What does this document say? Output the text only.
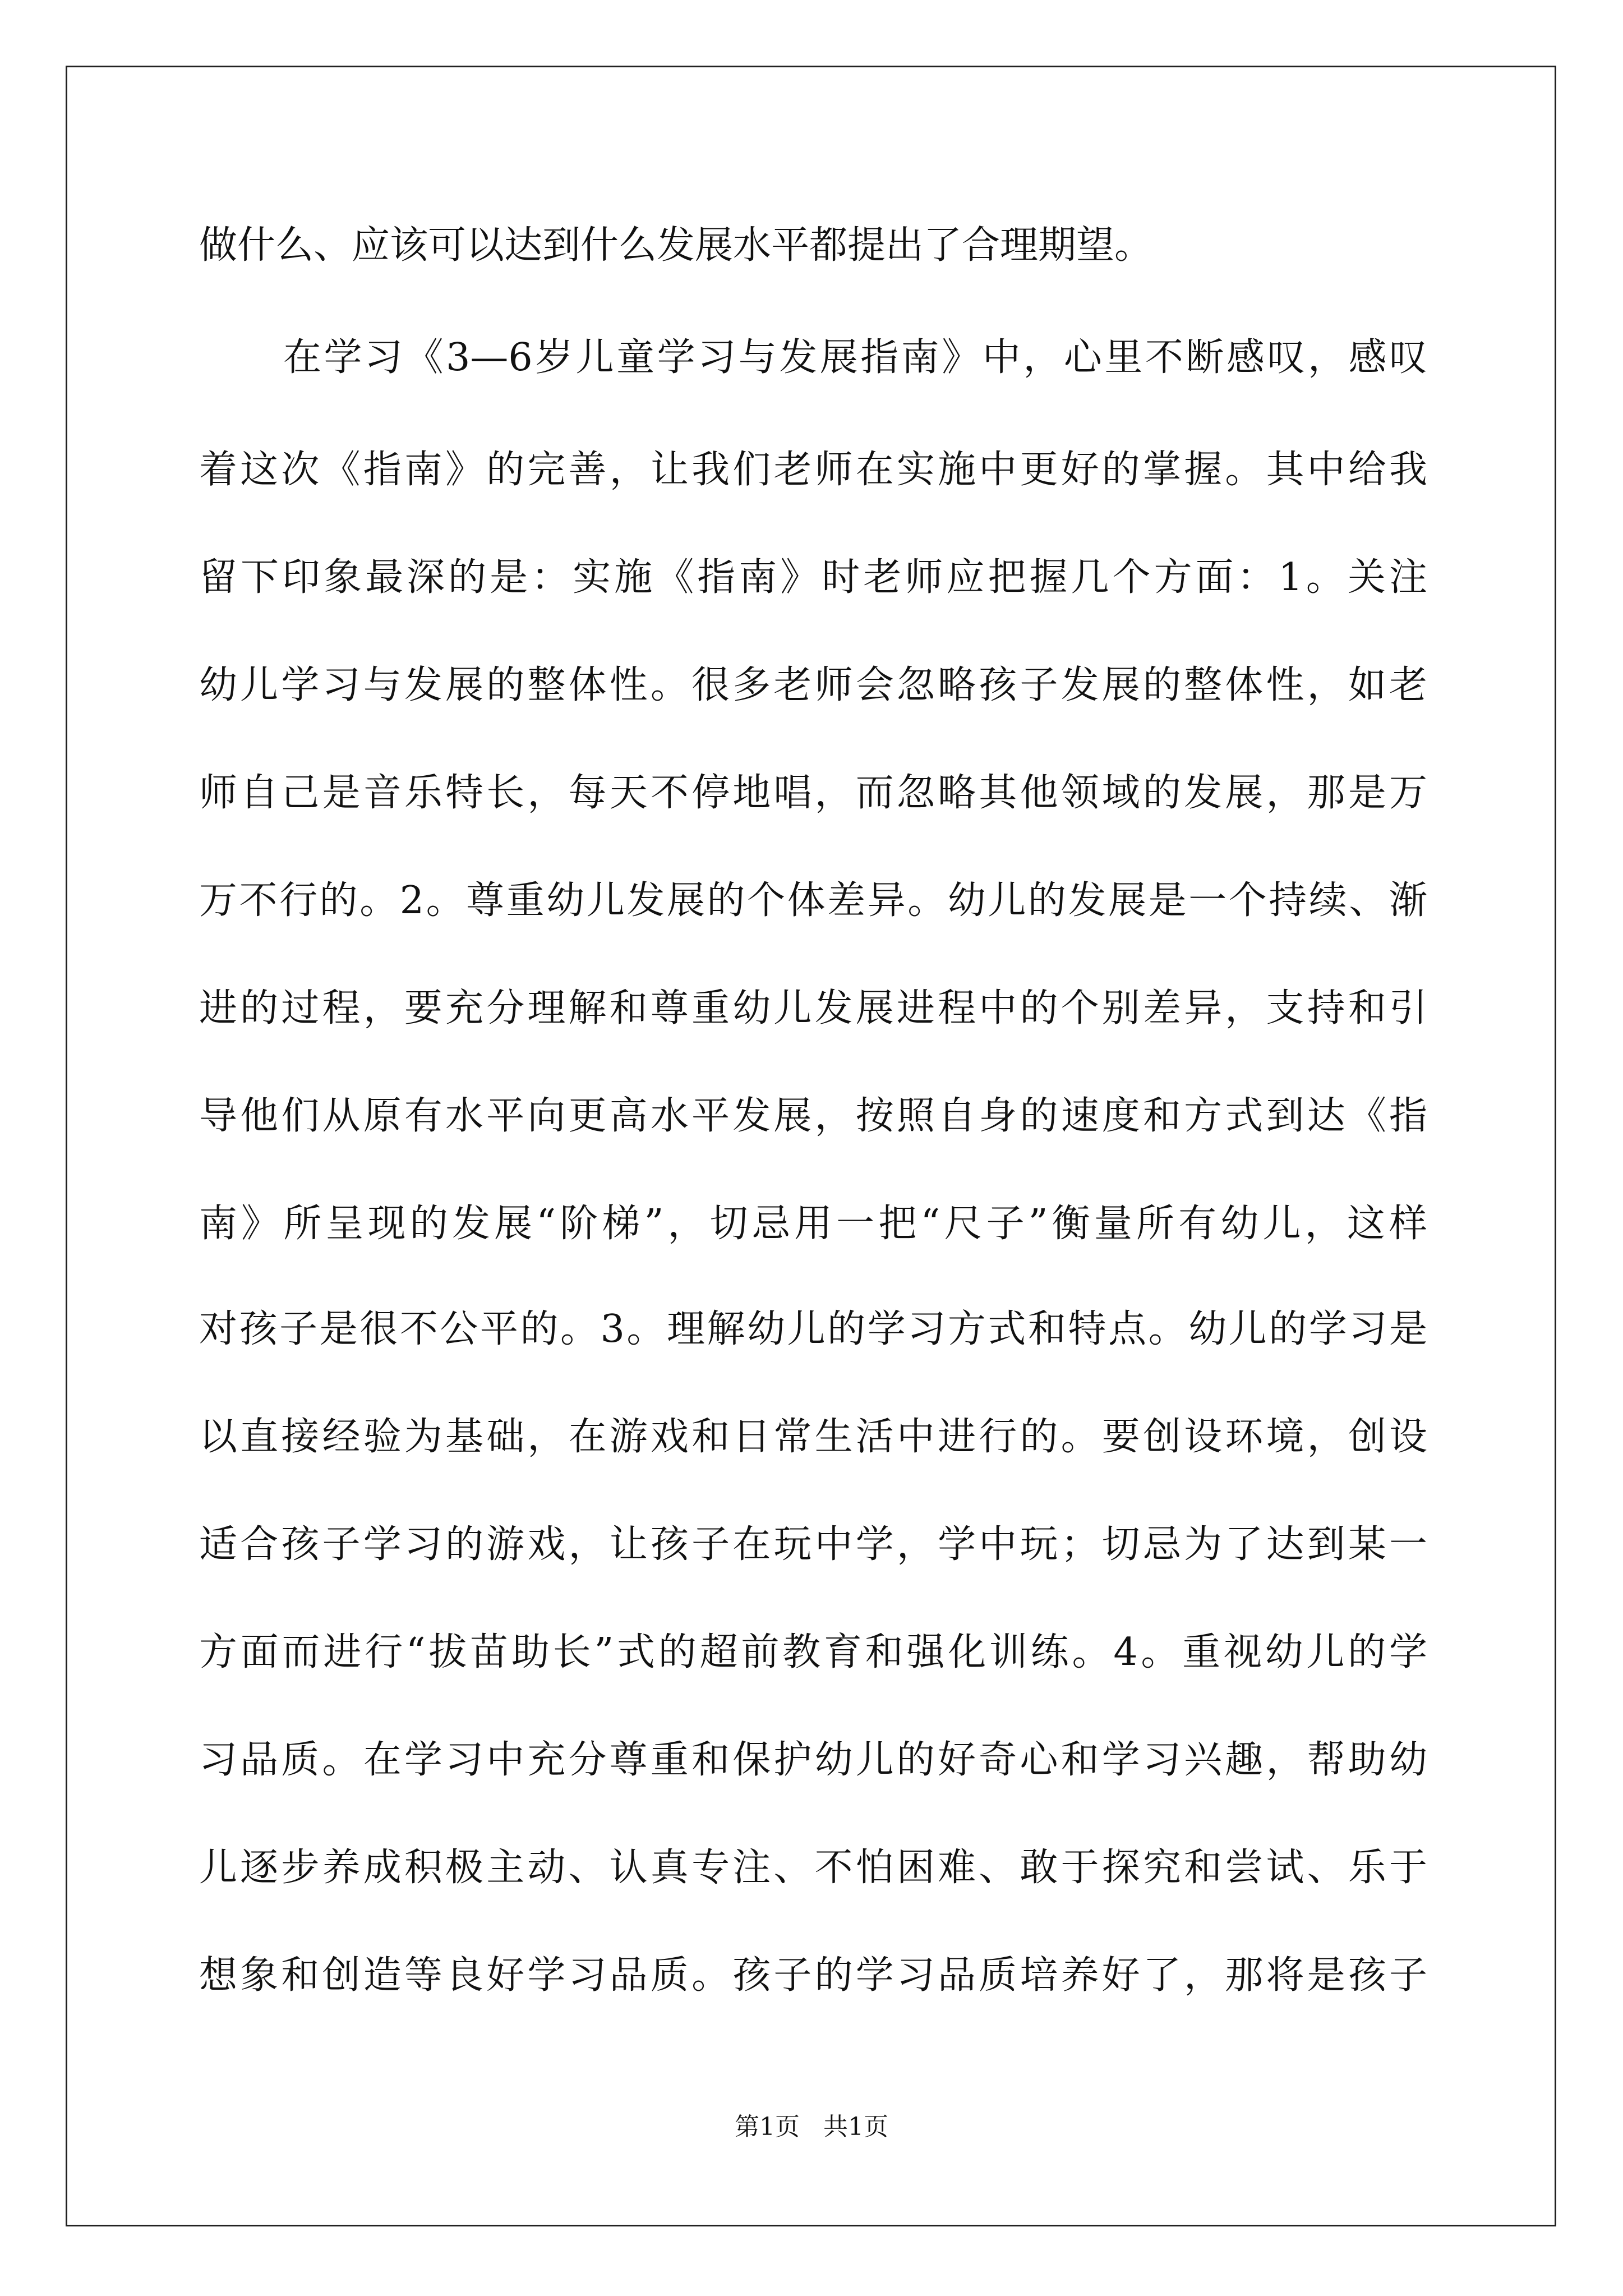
做什么、应该可以达到什么发展水平都提出了合理期望。
在学习《3—6岁儿童学习与发展指南》中，心里不断感叹，感叹
着这次《指南》的完善，让我们老师在实施中更好的掌握。其中给我
留下印象最深的是：实施《指南》时老师应把握几个方面：1。关注
幼儿学习与发展的整体性。很多老师会忽略孩子发展的整体性，如老
师自己是音乐特长，每天不停地唱，而忽略其他领域的发展，那是万
万不行的。2。尊重幼儿发展的个体差异。幼儿的发展是一个持续、渐
进的过程，要充分理解和尊重幼儿发展进程中的个别差异，支持和引
导他们从原有水平向更高水平发展，按照自身的速度和方式到达《指
南》所呈现的发展“阶梯”，切忌用一把“尺子”衡量所有幼儿，这样
对孩子是很不公平的。3。理解幼儿的学习方式和特点。幼儿的学习是
以直接经验为基础，在游戏和日常生活中进行的。要创设环境，创设
适合孩子学习的游戏，让孩子在玩中学，学中玩；切忌为了达到某一
方面而进行“拔苗助长”式的超前教育和强化训练。4。重视幼儿的学
习品质。在学习中充分尊重和保护幼儿的好奇心和学习兴趣，帮助幼
儿逐步养成积极主动、认真专注、不怕困难、敢于探究和尝试、乐于
想象和创造等良好学习品质。孩子的学习品质培养好了，那将是孩子
第1页 共1页
